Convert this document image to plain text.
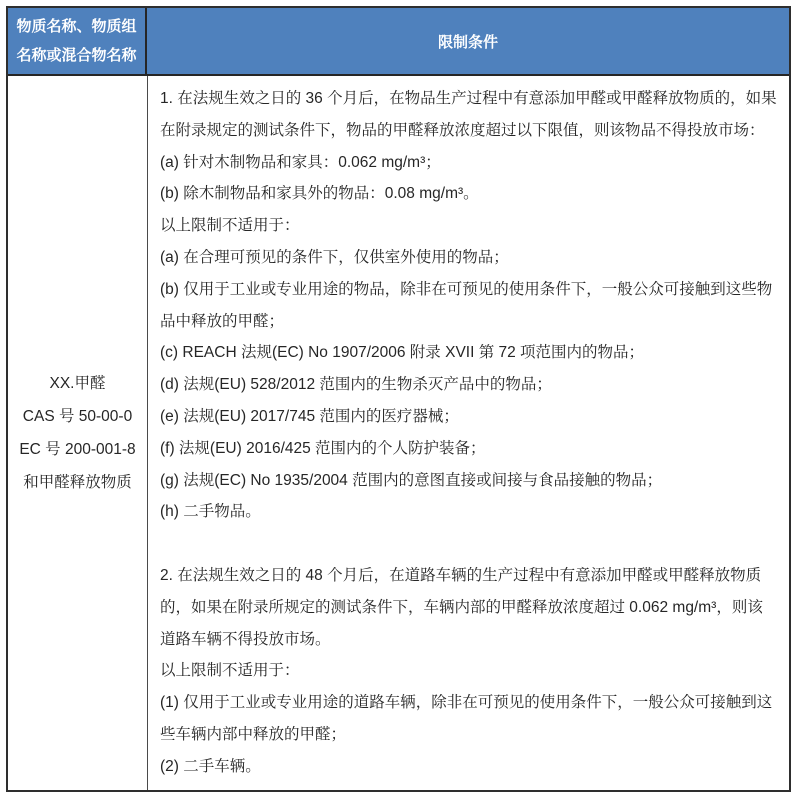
物质名称、物质组
名称或混合物名称
限制条件
XX.甲醛
CAS 号 50-00-0
EC 号 200-001-8
和甲醛释放物质
1. 在法规生效之日的 36 个月后，在物品生产过程中有意添加甲醛或甲醛释放物质的，如果在附录规定的测试条件下，物品的甲醛释放浓度超过以下限值，则该物品不得投放市场：
(a) 针对木制物品和家具：0.062 mg/m³；
(b) 除木制物品和家具外的物品：0.08 mg/m³。
以上限制不适用于：
(a) 在合理可预见的条件下，仅供室外使用的物品；
(b) 仅用于工业或专业用途的物品，除非在可预见的使用条件下，一般公众可接触到这些物品中释放的甲醛；
(c) REACH 法规(EC) No 1907/2006 附录 XVII 第 72 项范围内的物品；
(d) 法规(EU) 528/2012 范围内的生物杀灭产品中的物品；
(e) 法规(EU) 2017/745 范围内的医疗器械；
(f) 法规(EU) 2016/425 范围内的个人防护装备；
(g) 法规(EC) No 1935/2004 范围内的意图直接或间接与食品接触的物品；
(h) 二手物品。

2. 在法规生效之日的 48 个月后，在道路车辆的生产过程中有意添加甲醛或甲醛释放物质的，如果在附录所规定的测试条件下，车辆内部的甲醛释放浓度超过 0.062 mg/m³，则该道路车辆不得投放市场。
以上限制不适用于：
(1) 仅用于工业或专业用途的道路车辆，除非在可预见的使用条件下，一般公众可接触到这些车辆内部中释放的甲醛；
(2) 二手车辆。
